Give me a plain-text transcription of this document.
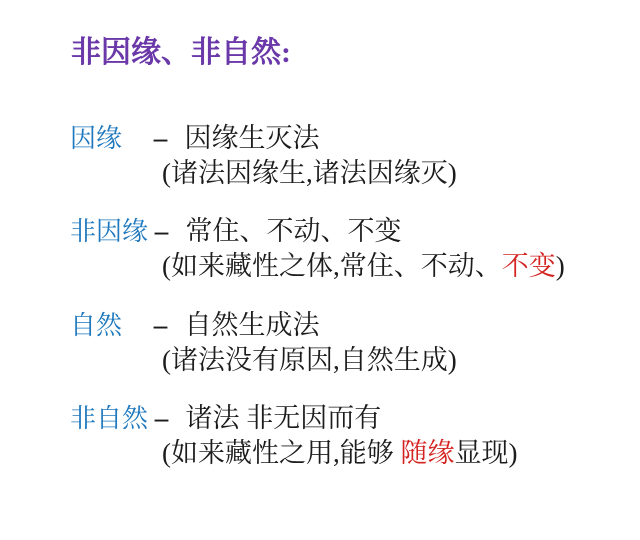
非因缘、非自然:
因缘 – 因缘生灭法
(诸法因缘生,诸法因缘灭)
非因缘 – 常住、不动、不变
(如来藏性之体,常住、不动、不变)
自然 – 自然生成法
(诸法没有原因,自然生成)
非自然 – 诸法 非无因而有
(如来藏性之用,能够 随缘显现)
